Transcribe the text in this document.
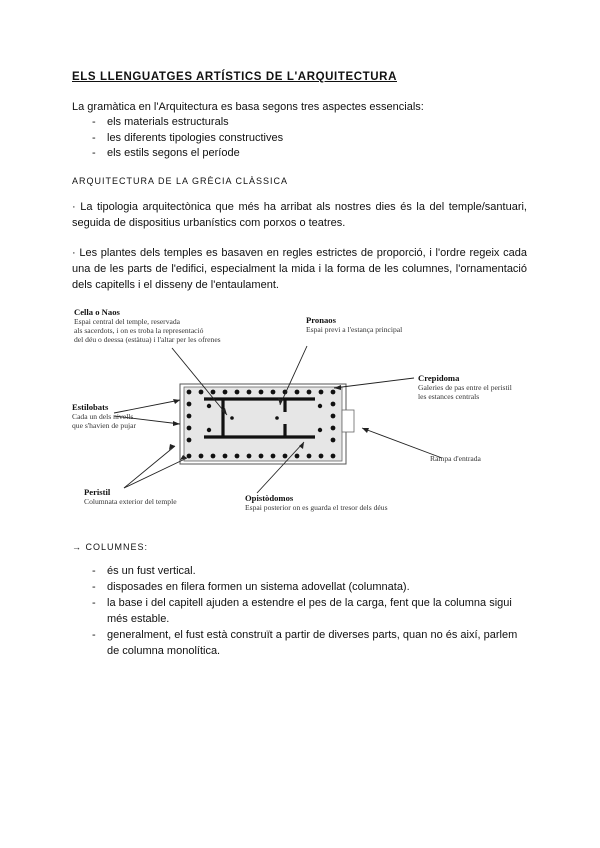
ELS LLENGUATGES ARTÍSTICS DE L'ARQUITECTURA
La gramàtica en l'Arquitectura es basa segons tres aspectes essencials:
- els materials estructurals
- les diferents tipologies constructives
- els estils segons el període
ARQUITECTURA DE LA GRÈCIA CLÀSSICA
· La tipologia arquitectònica que més ha arribat als nostres dies és la del temple/santuari, seguida de dispositius urbanístics com porxos o teatres.
· Les plantes dels temples es basaven en regles estrictes de proporció, i l'ordre regeix cada una de les parts de l'edifici, especialment la mida i la forma de les columnes, l'ornamentació dels capitells i el disseny de l'entaulament.
Cella o Naos
Espai central del temple, reservada
als sacerdots, i on es troba la representació
del déu o deessa (estàtua) i l'altar per les ofrenes
Pronaos
Espai previ a l'estança principal
Crepidoma
Galeries de pas entre el peristil
les estances centrals
Estilobats
Cada un dels nivells
que s'havien de pujar
Rampa d'entrada
Peristil
Columnata exterior del temple	Opistòdomos
Espai posterior on es guarda el tresor dels déus
→ COLUMNES:
- és un fust vertical.
- disposades en filera formen un sistema adovellat (columnata).
- la base i del capitell ajuden a estendre el pes de la carga, fent que la columna sigui més estable.
- generalment, el fust està construït a partir de diverses parts, quan no és així, parlem de columna monolítica.
